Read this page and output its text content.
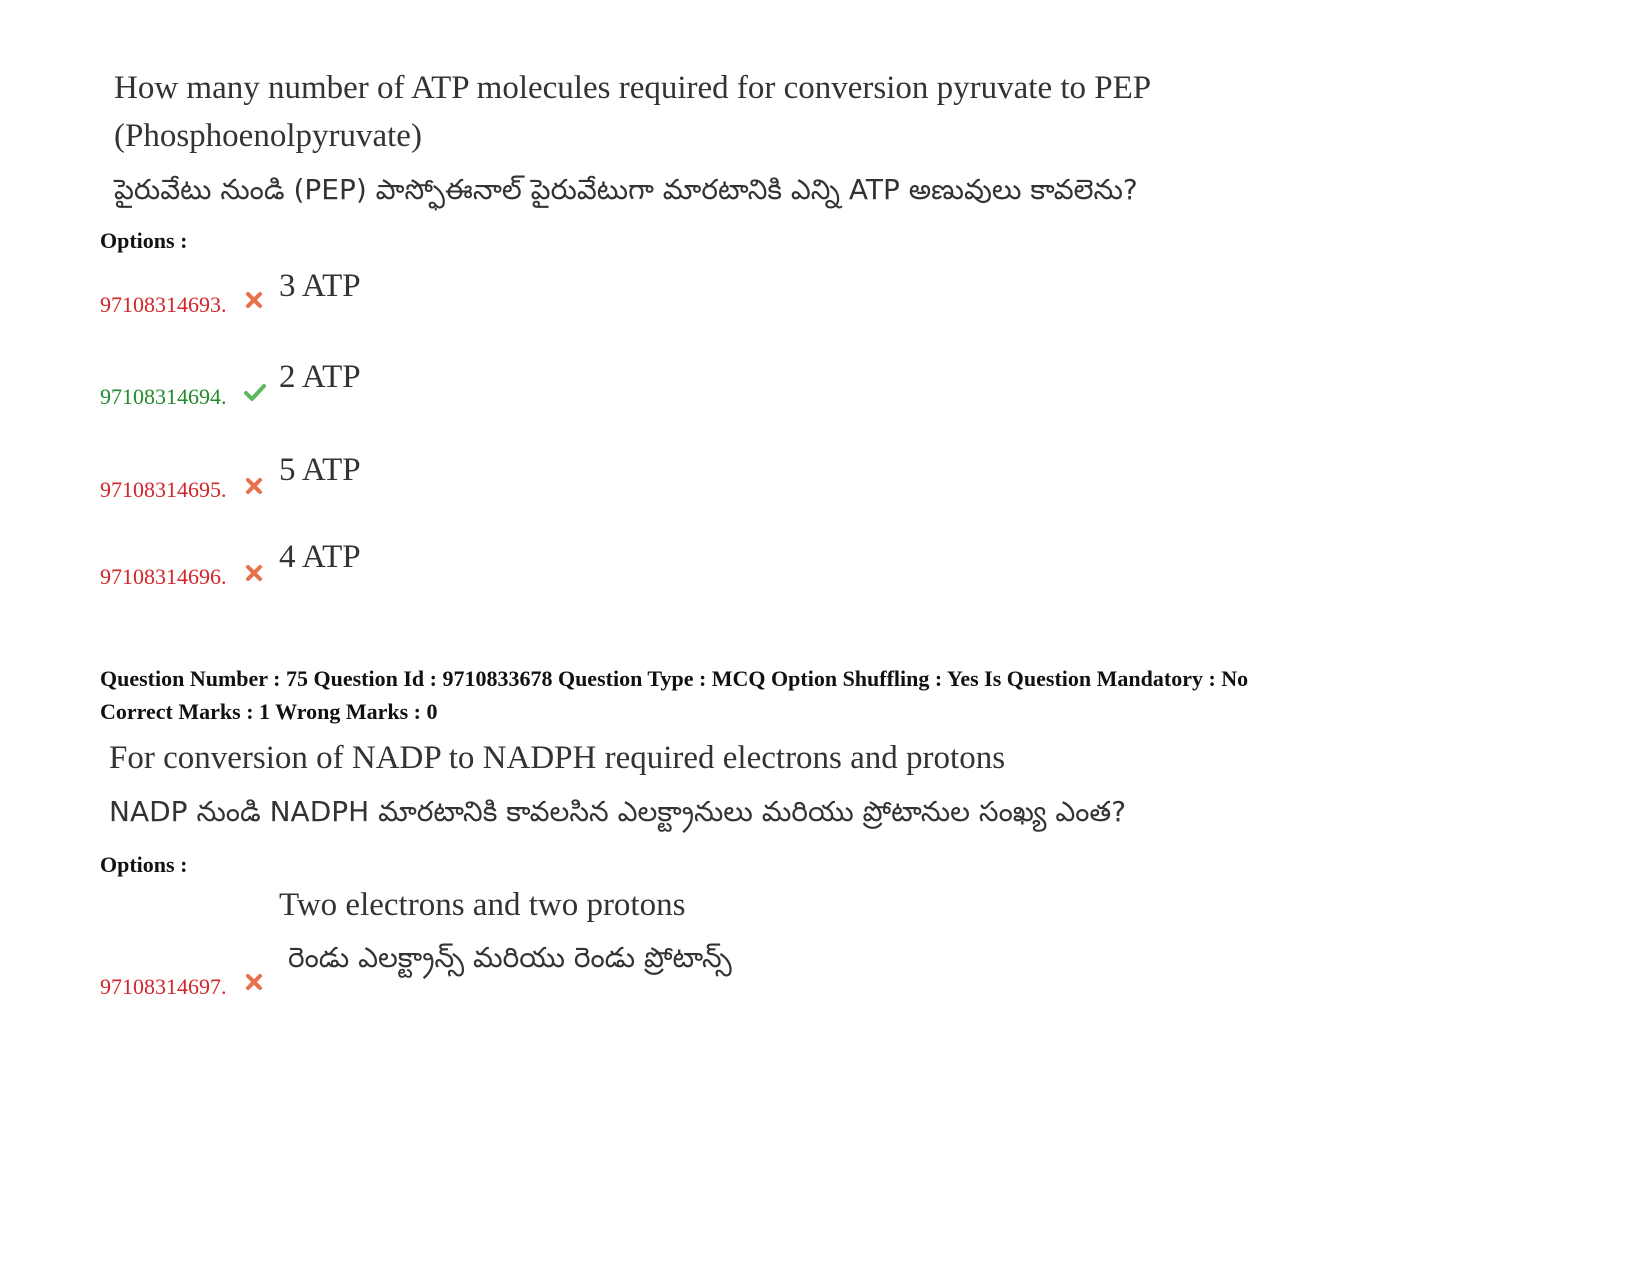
How many number of ATP molecules required for conversion pyruvate to PEP
(Phosphoenolpyruvate)
పైరువేటు నుండి (PEP) పాస్ఫోఈనాల్ పైరువేటుగా మారటానికి ఎన్ని ATP అణువులు కావలెను?
Options :
97108314693.
3 ATP
97108314694.
2 ATP
97108314695.
5 ATP
97108314696.
4 ATP
Question Number : 75 Question Id : 9710833678 Question Type : MCQ Option Shuffling : Yes Is Question Mandatory : No
Correct Marks : 1 Wrong Marks : 0
For conversion of NADP to NADPH required electrons and protons
NADP నుండి NADPH మారటానికి కావలసిన ఎలక్ట్రానులు మరియు ప్రోటానుల సంఖ్య ఎంత?
Options :
Two electrons and two protons
రెండు ఎలక్ట్రాన్స్ మరియు రెండు ప్రోటాన్స్
97108314697.
